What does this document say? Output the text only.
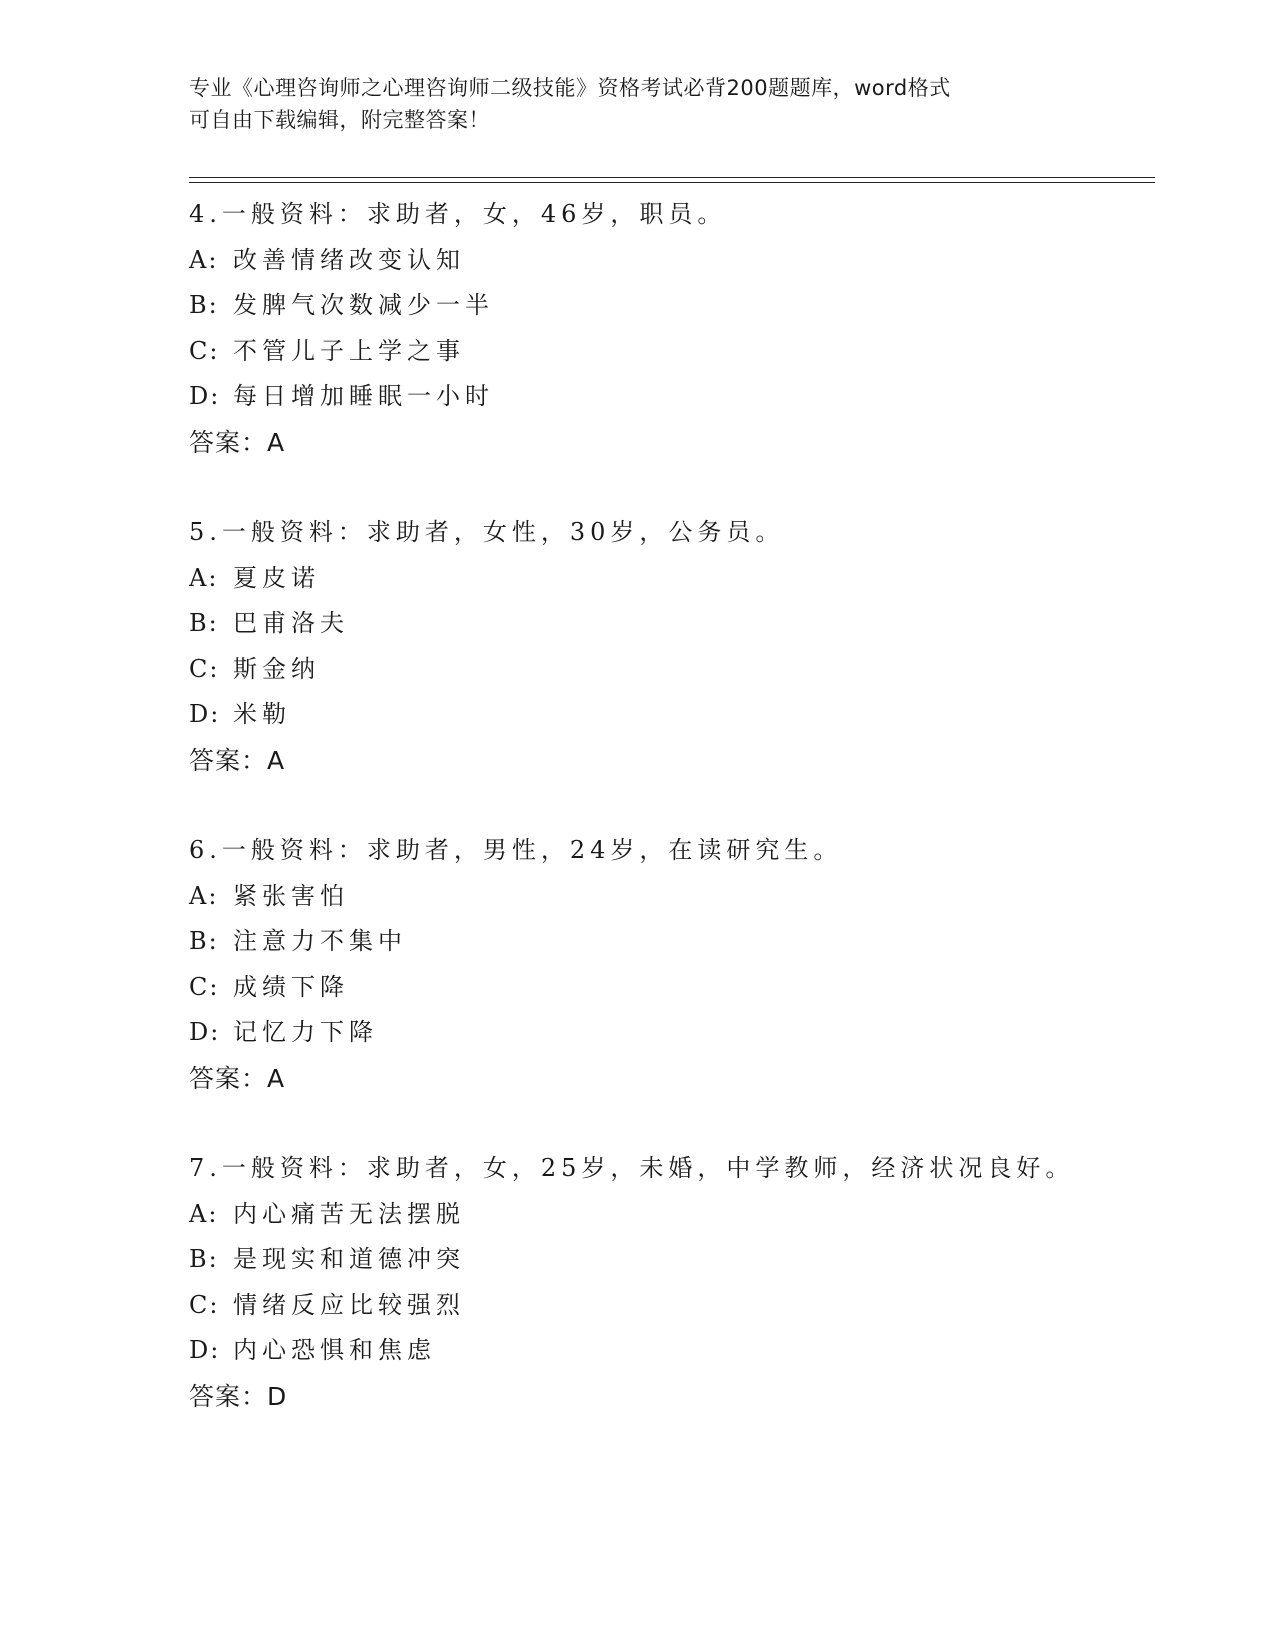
专业《心理咨询师之心理咨询师二级技能》资格考试必背200题题库，word格式
可自由下载编辑，附完整答案！
4.一般资料：求助者，女，46岁，职员。
A: 改善情绪改变认知
B: 发脾气次数减少一半
C: 不管儿子上学之事
D: 每日增加睡眠一小时
答案：A
5.一般资料：求助者，女性，30岁，公务员。
A: 夏皮诺
B: 巴甫洛夫
C: 斯金纳
D: 米勒
答案：A
6.一般资料：求助者，男性，24岁，在读研究生。
A: 紧张害怕
B: 注意力不集中
C: 成绩下降
D: 记忆力下降
答案：A
7.一般资料：求助者，女，25岁，未婚，中学教师，经济状况良好。
A: 内心痛苦无法摆脱
B: 是现实和道德冲突
C: 情绪反应比较强烈
D: 内心恐惧和焦虑
答案：D
